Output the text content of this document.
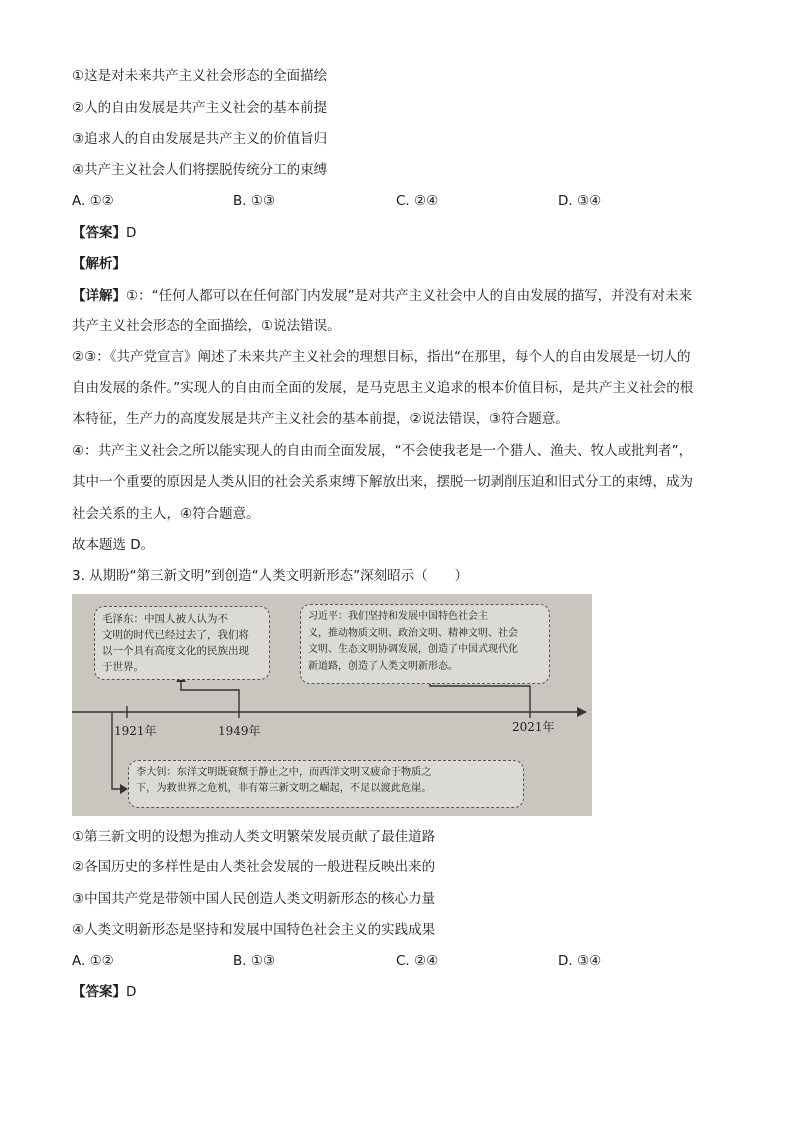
①这是对未来共产主义社会形态的全面描绘
②人的自由发展是共产主义社会的基本前提
③追求人的自由发展是共产主义的价值旨归
④共产主义社会人们将摆脱传统分工的束缚
A. ①②	B. ①③	C. ②④	D. ③④
【答案】D
【解析】
【详解】①：“任何人都可以在任何部门内发展”是对共产主义社会中人的自由发展的描写，并没有对未来
共产主义社会形态的全面描绘，①说法错误。
②③：《共产党宣言》阐述了未来共产主义社会的理想目标，指出“在那里，每个人的自由发展是一切人的
自由发展的条件。”实现人的自由而全面的发展，是马克思主义追求的根本价值目标，是共产主义社会的根
本特征，生产力的高度发展是共产主义社会的基本前提，②说法错误，③符合题意。
④：共产主义社会之所以能实现人的自由而全面发展，“不会使我老是一个猎人、渔夫、牧人或批判者”，
其中一个重要的原因是人类从旧的社会关系束缚下解放出来，摆脱一切剥削压迫和旧式分工的束缚，成为
社会关系的主人，④符合题意。
故本题选 D。
3. 从期盼“第三新文明”到创造“人类文明新形态”深刻昭示（　　）
毛泽东：中国人被人认为不
文明的时代已经过去了，我们将
以一个具有高度文化的民族出现
于世界。
习近平：我们坚持和发展中国特色社会主
义，推动物质文明、政治文明、精神文明、社会
文明、生态文明协调发展，创造了中国式现代化
新道路，创造了人类文明新形态。
1921年	1949年	2021年
李大钊：东洋文明既衰颓于静止之中，而西洋文明又疲命于物质之
下，为救世界之危机，非有第三新文明之崛起，不足以渡此危崖。
①第三新文明的设想为推动人类文明繁荣发展贡献了最佳道路
②各国历史的多样性是由人类社会发展的一般进程反映出来的
③中国共产党是带领中国人民创造人类文明新形态的核心力量
④人类文明新形态是坚持和发展中国特色社会主义的实践成果
A. ①②	B. ①③	C. ②④	D. ③④
【答案】D
